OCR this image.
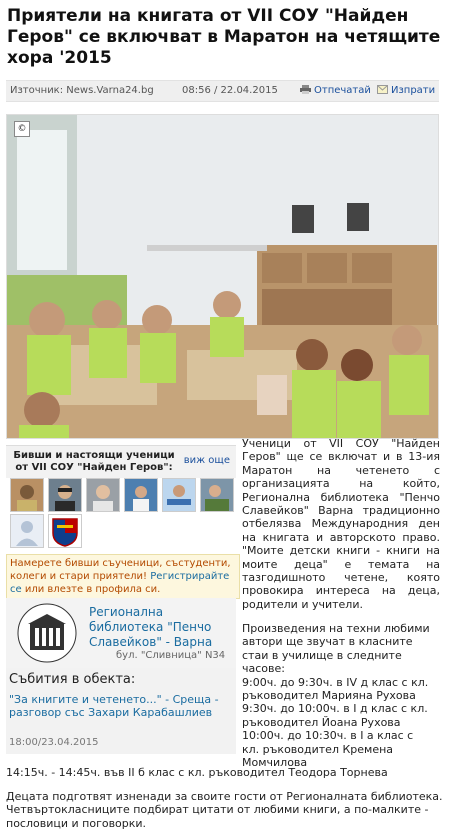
Приятели на книгата от VII СОУ "Найден Геров" се включват в Маратон на четящите хора '2015
Източник: News.Varna24.bg	08:56 / 22.04.2015	Отпечатай	Изпрати
©
Бивши и настоящи ученици от VII СОУ "Найден Геров":
виж още
Намерете бивши съученици, състуденти, колеги и стари приятели! Регистрирайте се или влезте в профила си.
Регионална библиотека "Пенчо Славейков" - Варна
бул. "Сливница" N34
Събития в обекта:
"За книгите и четенето..." - Среща - разговор със Захари Карабашлиев
18:00/23.04.2015
Ученици от VII СОУ "Найден Геров" ще се включат и в 13-ия Маратон на четенето с организацията на който, Регионална библиотека "Пенчо Славейков" Варна традиционно отбелязва Международния ден на книгата и авторското право. "Моите детски книги - книги на моите деца" е темата на тазгодишното четене, която провокира интереса на деца, родители и учители.
Произведения на техни любими
автори ще звучат в класните
стаи в училище в следните
часове:
9:00ч. до 9:30ч. в IV д клас с кл.
ръководител Марияна Рухова
9:30ч. до 10:00ч. в I д клас с кл.
ръководител Йоана Рухова
10:00ч. до 10:30ч. в I а клас с
кл. ръководител Кремена
Момчилова
14:15ч. - 14:45ч. във II б клас с кл. ръководител Теодора Торнева
Децата подготвят изненади за своите гости от Регионалната библиотека. Четвъртокласниците подбират цитати от любими книги, а по-малките - пословици и поговорки.
